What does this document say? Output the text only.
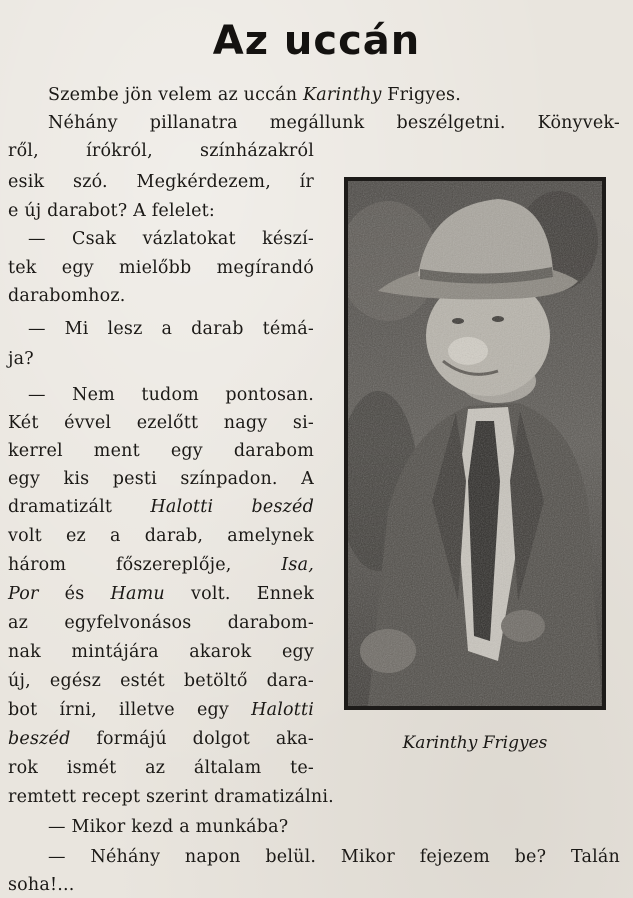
Az uccán
Szembe jön velem az uccán Karinthy Frigyes.
Néhány pillanatra megállunk beszélgetni. Könyvek-
ről, írókról, színházakról
esik szó. Megkérdezem, ír
e új darabot? A felelet:
— Csak vázlatokat készí-
tek egy mielőbb megírandó
darabomhoz.
— Mi lesz a darab témá-
ja?
— Nem tudom pontosan.
Két évvel ezelőtt nagy si-
kerrel ment egy darabom
egy kis pesti színpadon. A
dramatizált Halotti beszéd
volt ez a darab, amelynek
három főszereplője, Isa,
Por és Hamu volt. Ennek
az egyfelvonásos darabom-
nak mintájára akarok egy
új, egész estét betöltő dara-
bot írni, illetve egy Halotti
beszéd formájú dolgot aka-
rok ismét az általam te-
remtett recept szerint dramatizálni.
— Mikor kezd a munkába?
— Néhány napon belül. Mikor fejezem be? Talán
soha!...
Karinthy Frigyes
